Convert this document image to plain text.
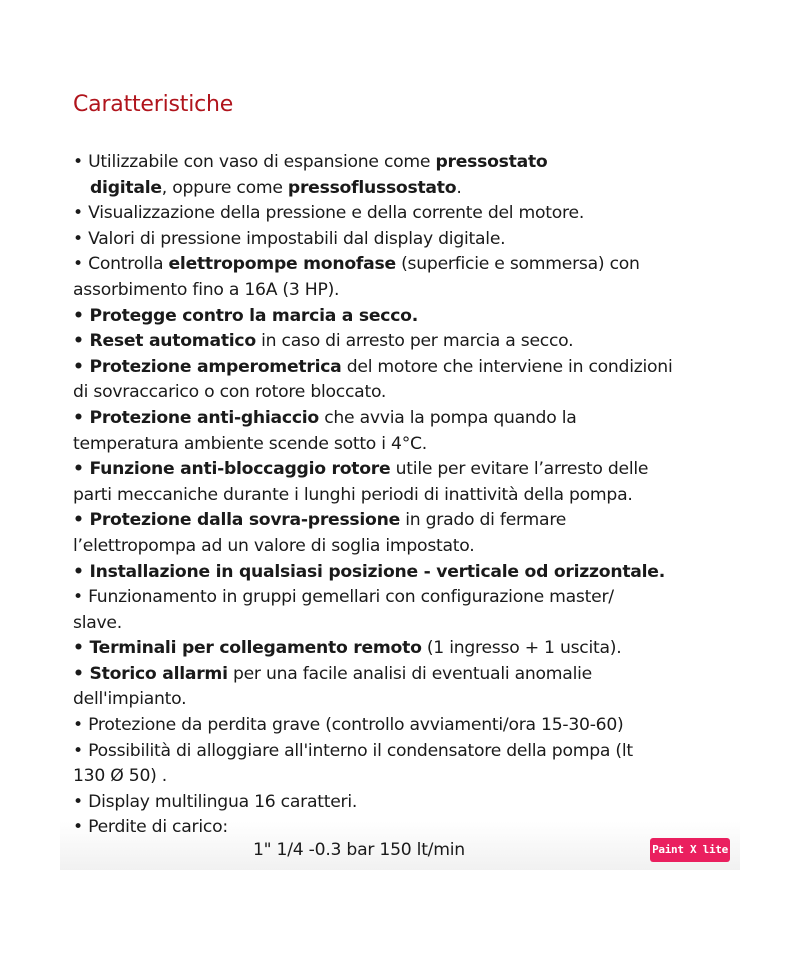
Caratteristiche
• Utilizzabile con vaso di espansione come pressostato
digitale, oppure come pressoflussostato.
• Visualizzazione della pressione e della corrente del motore.
• Valori di pressione impostabili dal display digitale.
• Controlla elettropompe monofase (superficie e sommersa) con
assorbimento fino a 16A (3 HP).
• Protegge contro la marcia a secco.
• Reset automatico in caso di arresto per marcia a secco.
• Protezione amperometrica del motore che interviene in condizioni
di sovraccarico o con rotore bloccato.
• Protezione anti-ghiaccio che avvia la pompa quando la
temperatura ambiente scende sotto i 4°C.
• Funzione anti-bloccaggio rotore utile per evitare l’arresto delle
parti meccaniche durante i lunghi periodi di inattività della pompa.
• Protezione dalla sovra-pressione in grado di fermare
l’elettropompa ad un valore di soglia impostato.
• Installazione in qualsiasi posizione - verticale od orizzontale.
• Funzionamento in gruppi gemellari con configurazione master/
slave.
• Terminali per collegamento remoto (1 ingresso + 1 uscita).
• Storico allarmi per una facile analisi di eventuali anomalie
dell'impianto.
• Protezione da perdita grave (controllo avviamenti/ora 15-30-60)
• Possibilità di alloggiare all'interno il condensatore della pompa (lt
130 Ø 50) .
• Display multilingua 16 caratteri.
• Perdite di carico:
1" 1/4 -0.3 bar 150 lt/min	Paint X lite
